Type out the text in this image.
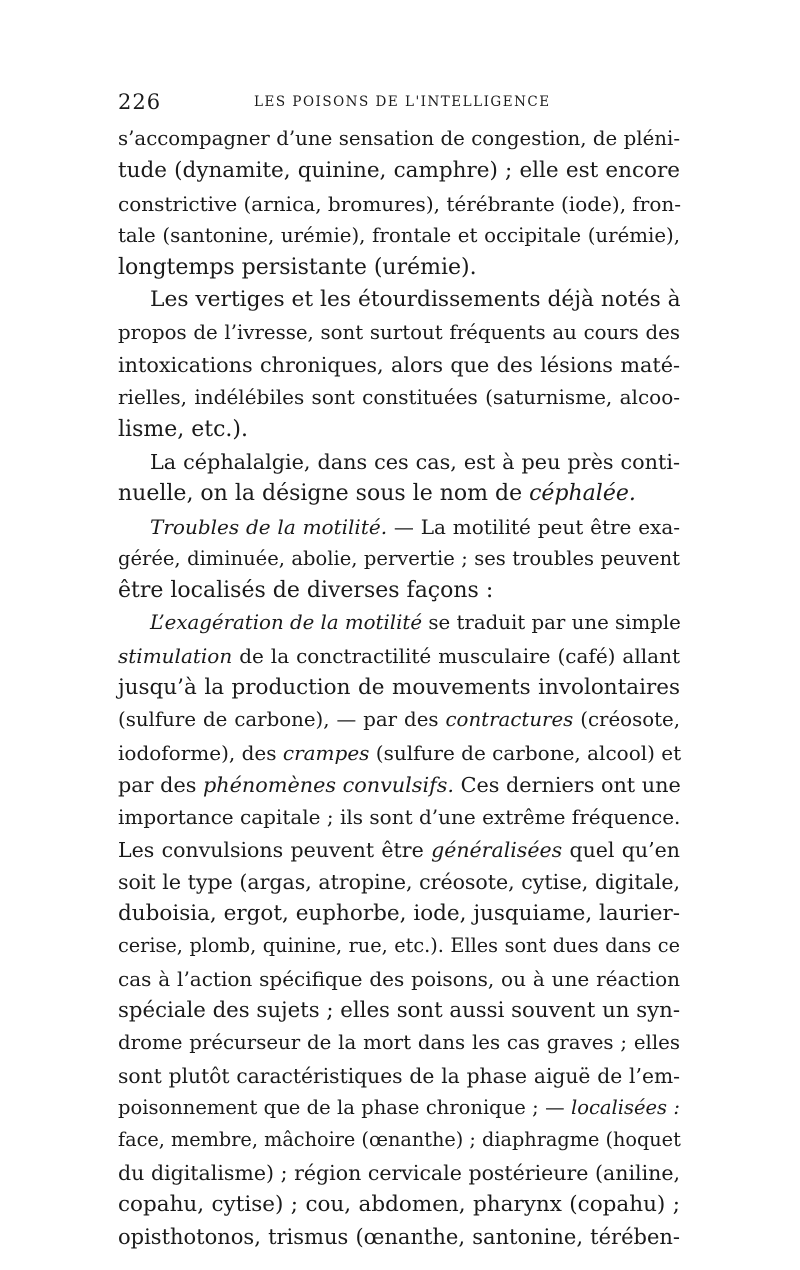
226	LES POISONS DE L'INTELLIGENCE
s’accompagner d’une sensation de congestion, de pléni-
tude (dynamite, quinine, camphre) ; elle est encore
constrictive (arnica, bromures), térébrante (iode), fron-
tale (santonine, urémie), frontale et occipitale (urémie),
longtemps persistante (urémie).
Les vertiges et les étourdissements déjà notés à
propos de l’ivresse, sont surtout fréquents au cours des
intoxications chroniques, alors que des lésions maté-
rielles, indélébiles sont constituées (saturnisme, alcoo-
lisme, etc.).
La céphalalgie, dans ces cas, est à peu près conti-
nuelle, on la désigne sous le nom de céphalée.
Troubles de la motilité. — La motilité peut être exa-
gérée, diminuée, abolie, pervertie ; ses troubles peuvent
être localisés de diverses façons :
L’exagération de la motilité se traduit par une simple
stimulation de la conctractilité musculaire (café) allant
jusqu’à la production de mouvements involontaires
(sulfure de carbone), — par des contractures (créosote,
iodoforme), des crampes (sulfure de carbone, alcool) et
par des phénomènes convulsifs. Ces derniers ont une
importance capitale ; ils sont d’une extrême fréquence.
Les convulsions peuvent être généralisées quel qu’en
soit le type (argas, atropine, créosote, cytise, digitale,
duboisia, ergot, euphorbe, iode, jusquiame, laurier-
cerise, plomb, quinine, rue, etc.). Elles sont dues dans ce
cas à l’action spécifique des poisons, ou à une réaction
spéciale des sujets ; elles sont aussi souvent un syn-
drome précurseur de la mort dans les cas graves ; elles
sont plutôt caractéristiques de la phase aiguë de l’em-
poisonnement que de la phase chronique ; — localisées :
face, membre, mâchoire (œnanthe) ; diaphragme (hoquet
du digitalisme) ; région cervicale postérieure (aniline,
copahu, cytise) ; cou, abdomen, pharynx (copahu) ;
opisthotonos, trismus (œnanthe, santonine, térében-
